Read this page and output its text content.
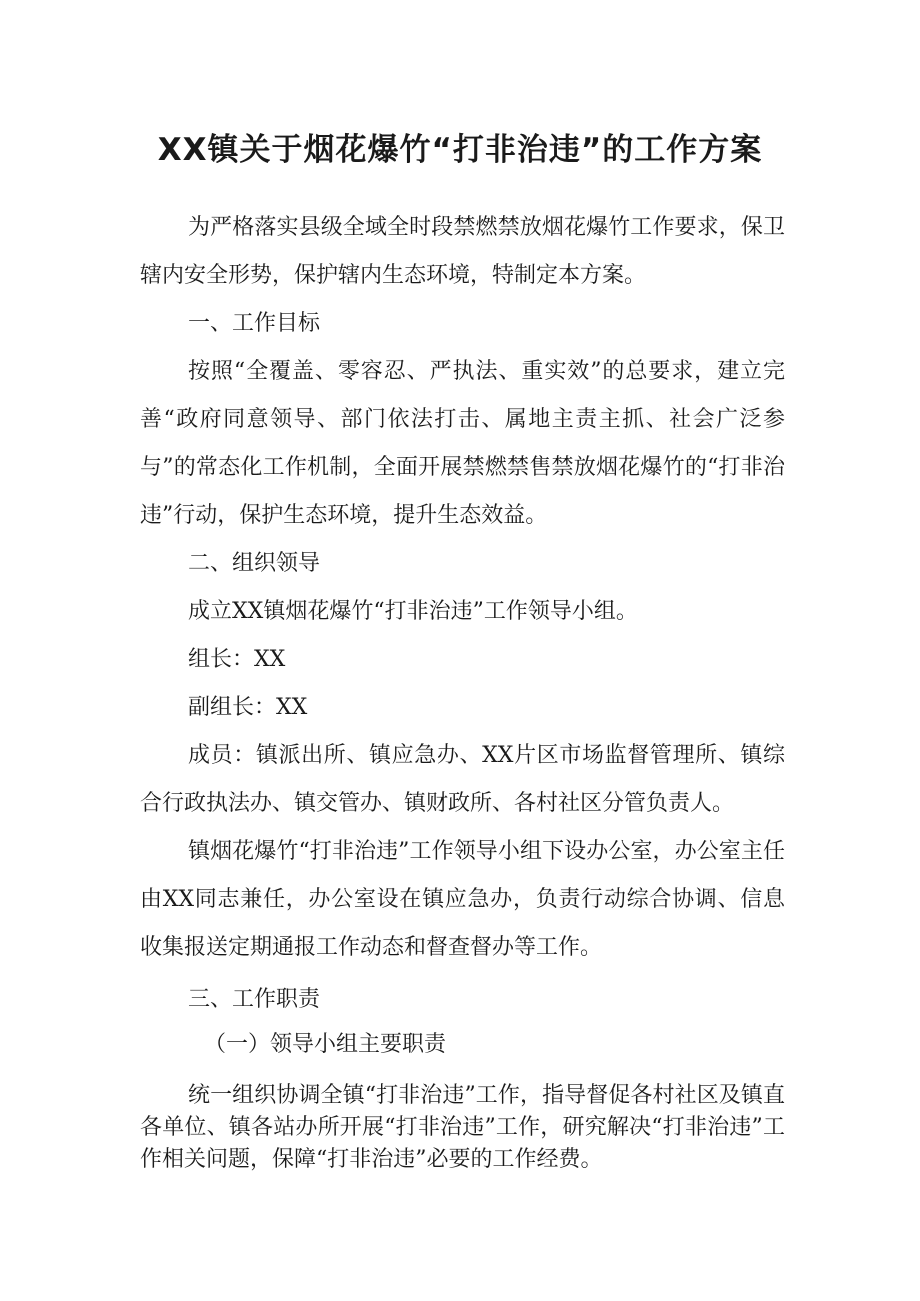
XX镇关于烟花爆竹“打非治违”的工作方案

为严格落实县级全域全时段禁燃禁放烟花爆竹工作要求，保卫辖内安全形势，保护辖内生态环境，特制定本方案。

一、工作目标

按照“全覆盖、零容忍、严执法、重实效”的总要求，建立完善“政府同意领导、部门依法打击、属地主责主抓、社会广泛参与”的常态化工作机制，全面开展禁燃禁售禁放烟花爆竹的“打非治违”行动，保护生态环境，提升生态效益。

二、组织领导
成立XX镇烟花爆竹“打非治违”工作领导小组。
组长：XX
副组长：XX

成员：镇派出所、镇应急办、XX片区市场监督管理所、镇综合行政执法办、镇交管办、镇财政所、各村社区分管负责人。

镇烟花爆竹“打非治违”工作领导小组下设办公室，办公室主任由XX同志兼任，办公室设在镇应急办，负责行动综合协调、信息收集报送定期通报工作动态和督查督办等工作。

三、工作职责
（一）领导小组主要职责

统一组织协调全镇“打非治违”工作，指导督促各村社区及镇直各单位、镇各站办所开展“打非治违”工作，研究解决“打非治违”工作相关问题，保障“打非治违”必要的工作经费。
